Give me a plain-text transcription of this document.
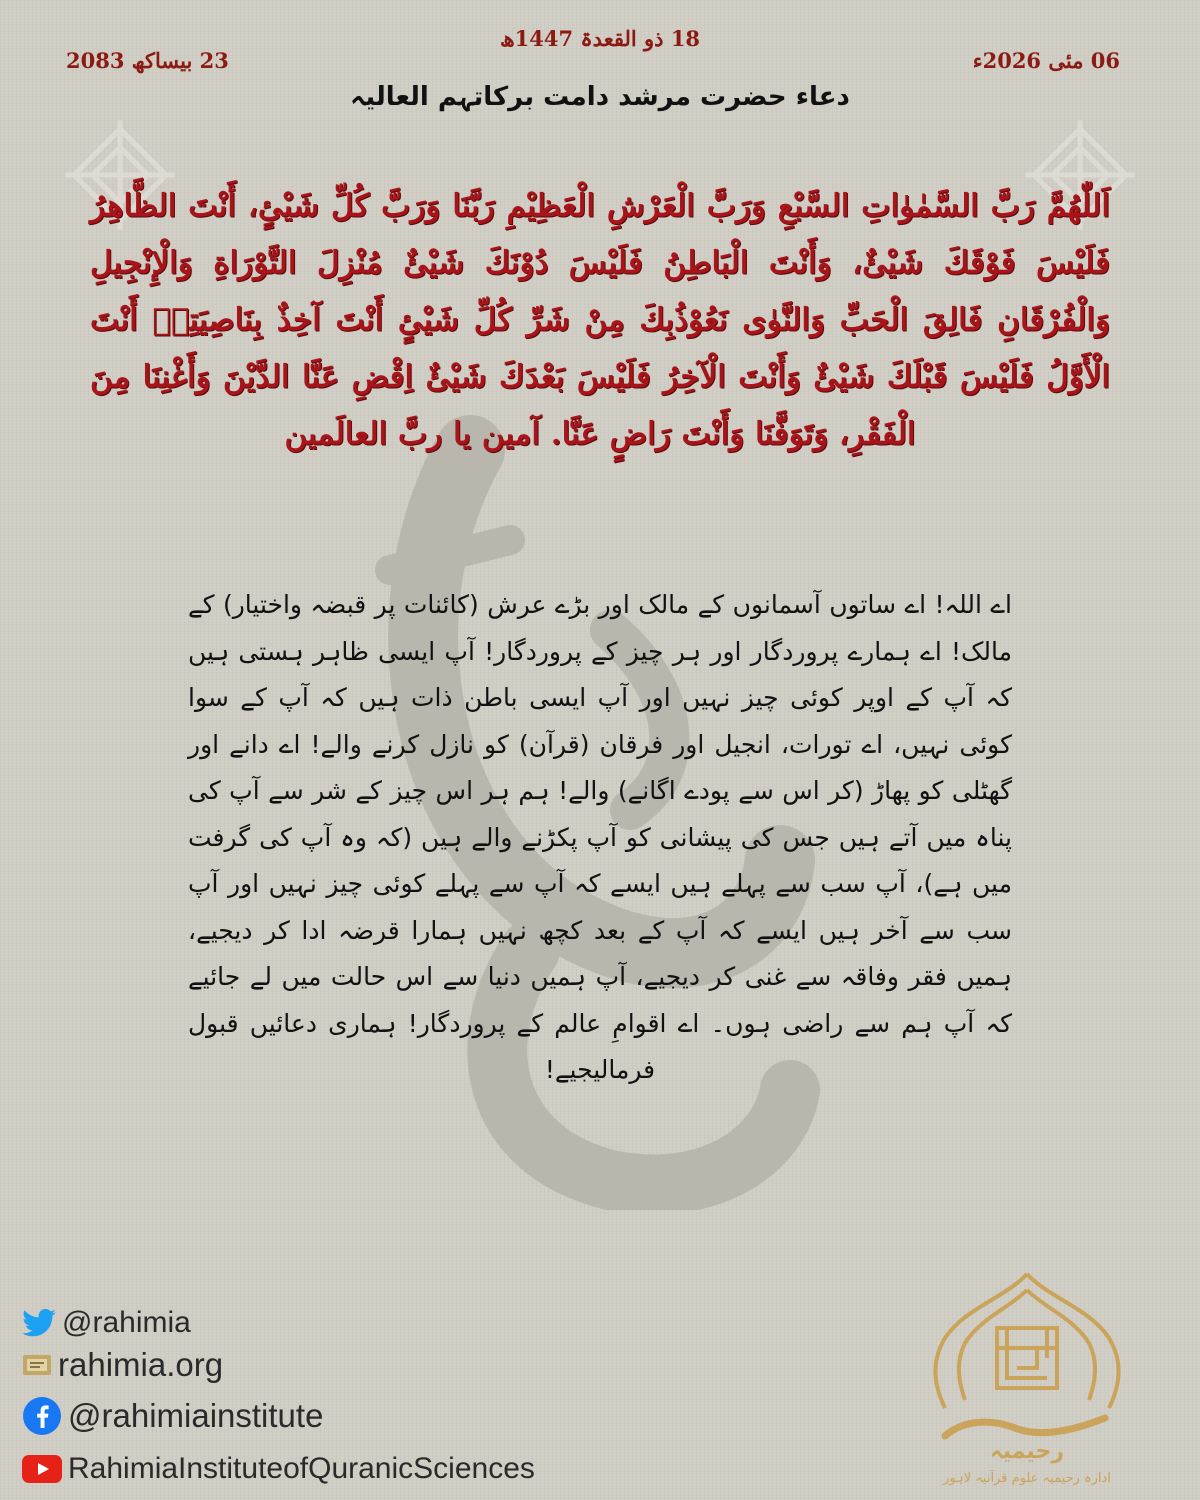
18 ذو القعدۃ 1447ھ
06 مئی 2026ء
23 بیساکھ 2083
دعاء حضرت مرشد دامت برکاتہم العالیہ
اَللّٰهُمَّ رَبَّ السَّمٰوٰاتِ السَّبْعِ وَرَبَّ الْعَرْشِ الْعَظِيْمِ رَبَّنَا وَرَبَّ كُلِّ شَيْئٍ، أَنْتَ الظَّاهِرُ فَلَيْسَ فَوْقَكَ شَيْئٌ، وَأَنْتَ الْبَاطِنُ فَلَيْسَ دُوْنَكَ شَيْئٌ مُنْزِلَ التَّوْرَاةِ وَالْإِنْجِيلِ وَالْفُرْقَانِ فَالِقَ الْحَبِّ وَالنَّوٰى نَعُوْذُبِكَ مِنْ شَرِّ كُلِّ شَيْئٍ أَنْتَ آخِذٌ بِنَاصِيَتِهٖ أَنْتَ الْأَوَّلُ فَلَيْسَ قَبْلَكَ شَيْئٌ وَأَنْتَ الْآخِرُ فَلَيْسَ بَعْدَكَ شَيْئٌ اِقْضِ عَنَّا الدَّيْنَ وَأَغْنِنَا مِنَ الْفَقْرِ، وَتَوَفَّنَا وَأَنْتَ رَاضٍ عَنَّا. آمين يا ربَّ العالَمين
اے اللہ! اے ساتوں آسمانوں کے مالک اور بڑے عرش (کائنات پر قبضہ واختیار) کے مالک! اے ہمارے پروردگار اور ہر چیز کے پروردگار! آپ ایسی ظاہر ہستی ہیں کہ آپ کے اوپر کوئی چیز نہیں اور آپ ایسی باطن ذات ہیں کہ آپ کے سوا کوئی نہیں، اے تورات، انجیل اور فرقان (قرآن) کو نازل کرنے والے! اے دانے اور گھٹلی کو پھاڑ (کر اس سے پودے اگانے) والے! ہم ہر اس چیز کے شر سے آپ کی پناہ میں آتے ہیں جس کی پیشانی کو آپ پکڑنے والے ہیں (کہ وہ آپ کی گرفت میں ہے)، آپ سب سے پہلے ہیں ایسے کہ آپ سے پہلے کوئی چیز نہیں اور آپ سب سے آخر ہیں ایسے کہ آپ کے بعد کچھ نہیں ہمارا قرضہ ادا کر دیجیے، ہمیں فقر وفاقہ سے غنی کر دیجیے، آپ ہمیں دنیا سے اس حالت میں لے جائیے کہ آپ ہم سے راضی ہوں۔ اے اقوامِ عالم کے پروردگار! ہماری دعائیں قبول فرمالیجیے!
@rahimia
rahimia.org
@rahimiainstitute
RahimiaInstituteofQuranicSciences
رحیمیہ
ادارہ رحیمیہ علوم قرآنیہ لاہور
